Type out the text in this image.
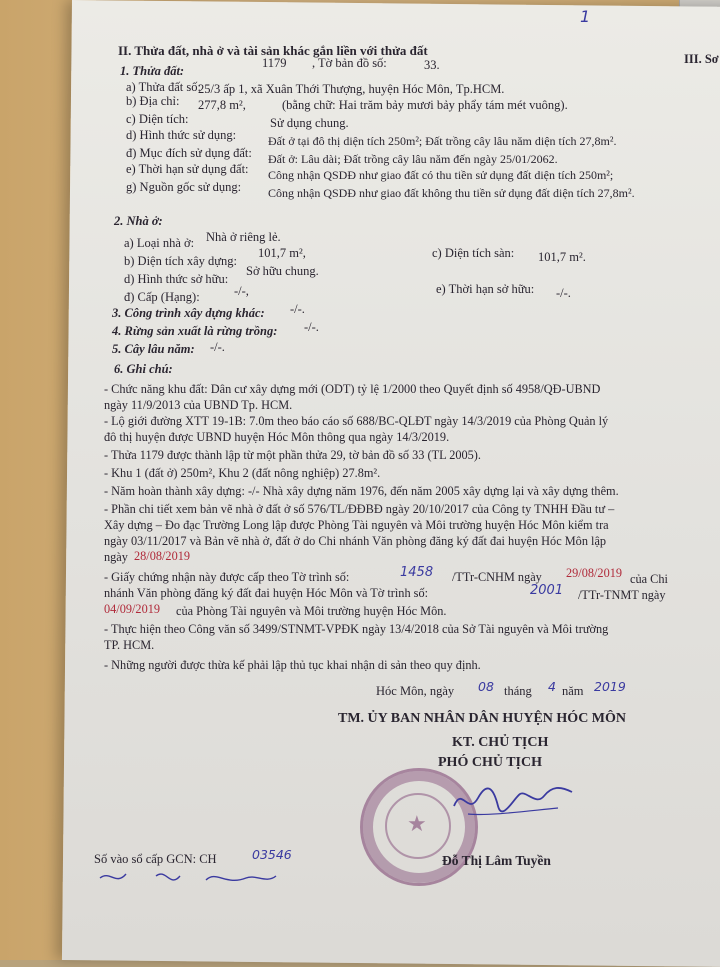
1
III. Sơ
II. Thửa đất, nhà ở và tài sản khác gắn liền với thửa đất
1. Thửa đất:
a) Thửa đất số:
1179 , Tờ bản đồ số:	33.
b) Địa chỉ:
25/3 ấp 1, xã Xuân Thới Thượng, huyện Hóc Môn, Tp.HCM.
c) Diện tích:
277,8 m²,	(bằng chữ: Hai trăm bảy mươi bảy phẩy tám mét vuông).
d) Hình thức sử dụng:
Sử dụng chung.
đ) Mục đích sử dụng đất:
Đất ở tại đô thị diện tích 250m²; Đất trồng cây lâu năm diện tích 27,8m².
e) Thời hạn sử dụng đất:
Đất ở: Lâu dài; Đất trồng cây lâu năm đến ngày 25/01/2062.
g) Nguồn gốc sử dụng:
Công nhận QSDĐ như giao đất có thu tiền sử dụng đất diện tích 250m²;
Công nhận QSDĐ như giao đất không thu tiền sử dụng đất diện tích 27,8m².
2. Nhà ở:
a) Loại nhà ở: Nhà ở riêng lẻ.
b) Diện tích xây dựng:
101,7 m²,	c) Diện tích sàn: 101,7 m².
d) Hình thức sở hữu:
Sở hữu chung.
đ) Cấp (Hạng):	-/-,	e) Thời hạn sở hữu: -/-.
3. Công trình xây dựng khác: -/-.
4. Rừng sản xuất là rừng trồng: -/-.
5. Cây lâu năm: -/-.
6. Ghi chú:
- Chức năng khu đất: Dân cư xây dựng mới (ODT) tỷ lệ 1/2000 theo Quyết định số 4958/QĐ-UBND
ngày 11/9/2013 của UBND Tp. HCM.
- Lộ giới đường XTT 19-1B: 7.0m theo báo cáo số 688/BC-QLĐT ngày 14/3/2019 của Phòng Quản lý
đô thị huyện được UBND huyện Hóc Môn thông qua ngày 14/3/2019.
- Thửa 1179 được thành lập từ một phần thửa 29, tờ bản đồ số 33 (TL 2005).
- Khu 1 (đất ở) 250m², Khu 2 (đất nông nghiệp) 27.8m².
- Năm hoàn thành xây dựng: -/- Nhà xây dựng năm 1976, đến năm 2005 xây dựng lại và xây dựng thêm.
- Phần chi tiết xem bản vẽ nhà ở đất ở số 576/TL/ĐĐBĐ ngày 20/10/2017 của Công ty TNHH Đầu tư –
Xây dựng – Đo đạc Trường Long lập được Phòng Tài nguyên và Môi trường huyện Hóc Môn kiểm tra
ngày 03/11/2017 và Bản vẽ nhà ở, đất ở do Chi nhánh Văn phòng đăng ký đất đai huyện Hóc Môn lập
ngày 28/08/2019
- Giấy chứng nhận này được cấp theo Tờ trình số:	1458 /TTr-CNHM ngày 29/08/2019 của Chi
nhánh Văn phòng đăng ký đất đai huyện Hóc Môn và Tờ trình số:	2001 /TTr-TNMT ngày
04/09/2019 của Phòng Tài nguyên và Môi trường huyện Hóc Môn.
- Thực hiện theo Công văn số 3499/STNMT-VPĐK ngày 13/4/2018 của Sở Tài nguyên và Môi trường
TP. HCM.
- Những người được thừa kế phải lập thủ tục khai nhận di sản theo quy định.
Hóc Môn, ngày 08 tháng 4 năm 2019
TM. ỦY BAN NHÂN DÂN HUYỆN HÓC MÔN
KT. CHỦ TỊCH
PHÓ CHỦ TỊCH
★
Đỗ Thị Lâm Tuyền
Số vào sổ cấp GCN: CH	03546
